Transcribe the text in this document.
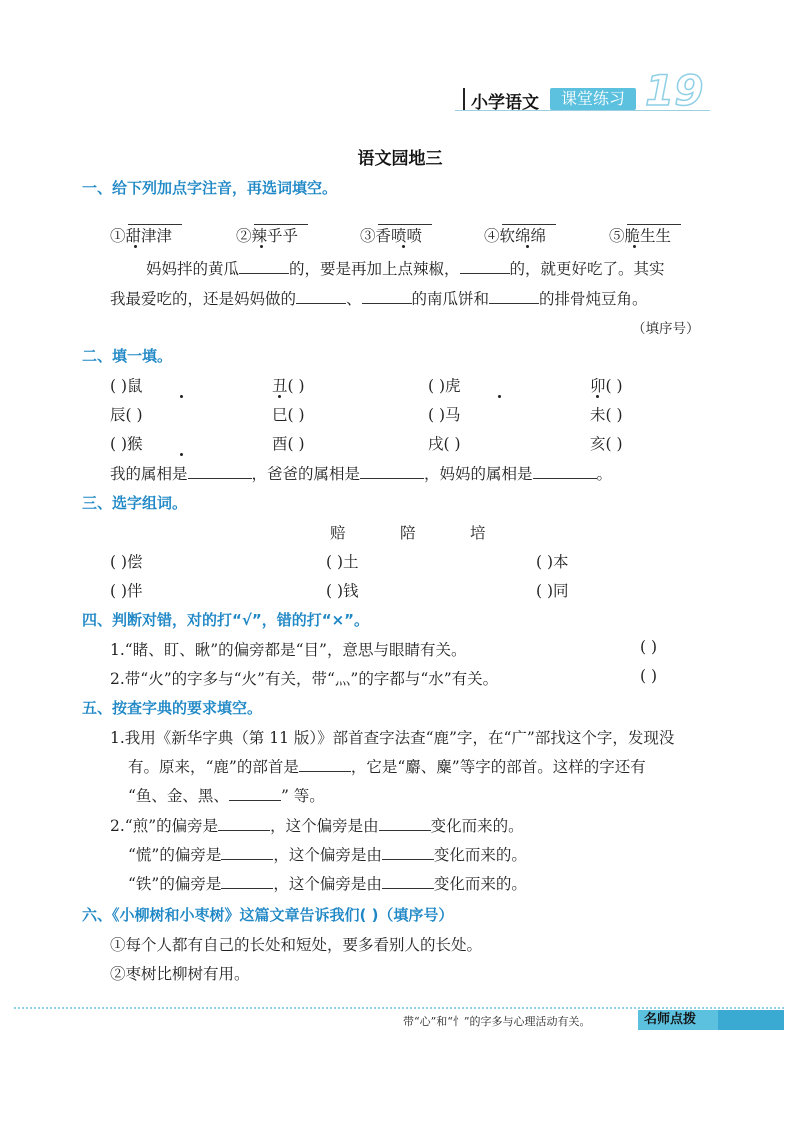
小学语文	课堂练习 19
语文园地三
一、给下列加点字注音，再选词填空。
①甜津津	②辣乎乎	③香喷喷	④软绵绵	⑤脆生生
妈妈拌的黄瓜	的，要是再加上点辣椒，	的，就更好吃了。其实
我最爱吃的，还是妈妈做的	、	的南瓜饼和	的排骨炖豆角。
（填序号）
二、填一填。
( )鼠	丑( )	( )虎	卯( )
辰( )	巳( )	( )马	未( )
( )猴	酉( )	戌( )	亥( )
我的属相是	，爸爸的属相是	，妈妈的属相是	。
三、选字组词。
赔	陪	培
( )偿	( )土	( )本
( )伴	( )钱	( )同
四、判断对错，对的打“√”，错的打“×”。
1.“睹、盯、瞅”的偏旁都是“目”，意思与眼睛有关。	( )
2.带“火”的字多与“火”有关，带“灬”的字都与“水”有关。	( )
五、按查字典的要求填空。
1.我用《新华字典（第 11 版）》部首查字法查“鹿”字，在“广”部找这个字，发现没
有。原来，“鹿”的部首是	，它是“麝、麋”等字的部首。这样的字还有
“鱼、金、黑、	” 等。
2.“煎”的偏旁是	，这个偏旁是由	变化而来的。
“慌”的偏旁是	，这个偏旁是由	变化而来的。
“铁”的偏旁是	，这个偏旁是由	变化而来的。
六、《小柳树和小枣树》这篇文章告诉我们( )（填序号）
①每个人都有自己的长处和短处，要多看别人的长处。
②枣树比柳树有用。
带“心”和“忄”的字多与心理活动有关。	名师点拨
